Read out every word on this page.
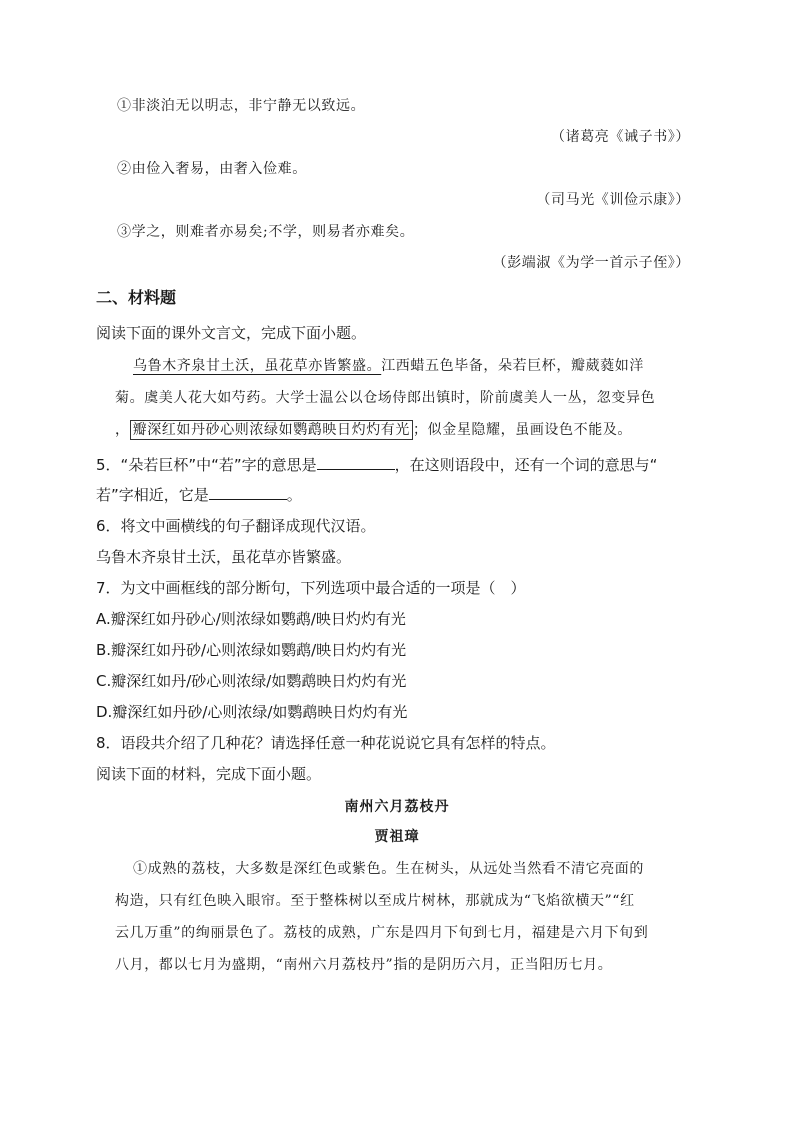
①非淡泊无以明志，非宁静无以致远。
（诸葛亮《诫子书》）
②由俭入奢易，由奢入俭难。
（司马光《训俭示康》）
③学之，则难者亦易矣;不学，则易者亦难矣。
（彭端淑《为学一首示子侄》）
二、材料题
阅读下面的课外文言文，完成下面小题。
乌鲁木齐泉甘土沃，虽花草亦皆繁盛。江西蜡五色毕备，朵若巨杯，瓣葳蕤如洋
菊。虞美人花大如芍药。大学士温公以仓场侍郎出镇时，阶前虞美人一丛，忽变异色
， 瓣深红如丹砂心则浓绿如鹦鹉映日灼灼有光 ；似金星隐耀，虽画设色不能及。
5．“朵若巨杯”中“若”字的意思是	，在这则语段中，还有一个词的意思与“
若”字相近，它是	。
6．将文中画横线的句子翻译成现代汉语。
乌鲁木齐泉甘土沃，虽花草亦皆繁盛。
7．为文中画框线的部分断句，下列选项中最合适的一项是（　）
A.瓣深红如丹砂心/则浓绿如鹦鹉/映日灼灼有光
B.瓣深红如丹砂/心则浓绿如鹦鹉/映日灼灼有光
C.瓣深红如丹/砂心则浓绿/如鹦鹉映日灼灼有光
D.瓣深红如丹砂/心则浓绿/如鹦鹉映日灼灼有光
8．语段共介绍了几种花？请选择任意一种花说说它具有怎样的特点。
阅读下面的材料，完成下面小题。
南州六月荔枝丹
贾祖璋
①成熟的荔枝，大多数是深红色或紫色。生在树头，从远处当然看不清它亮面的
构造，只有红色映入眼帘。至于整株树以至成片树林，那就成为“飞焰欲横天”“红
云几万重”的绚丽景色了。荔枝的成熟，广东是四月下旬到七月，福建是六月下旬到
八月，都以七月为盛期，“南州六月荔枝丹”指的是阴历六月，正当阳历七月。
